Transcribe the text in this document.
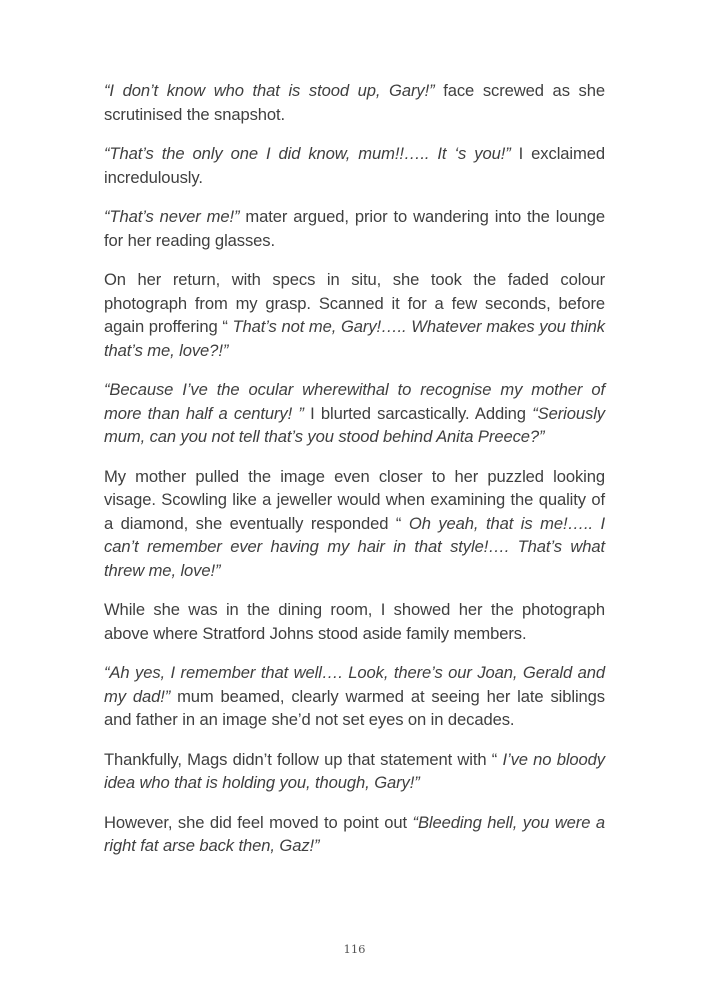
“I don’t know who that is stood up, Gary!” face screwed as she scrutinised the snapshot.

“That’s the only one I did know, mum!!….. It ‘s you!” I exclaimed incredulously.

“That’s never me!” mater argued, prior to wandering into the lounge for her reading glasses.

On her return, with specs in situ, she took the faded colour photograph from my grasp. Scanned it for a few seconds, before again proffering “ That’s not me, Gary!….. Whatever makes you think that’s me, love?!”

“Because I’ve the ocular wherewithal to recognise my mother of more than half a century! ” I blurted sarcastically. Adding “Seriously mum, can you not tell that’s you stood behind Anita Preece?”

My mother pulled the image even closer to her puzzled looking visage. Scowling like a jeweller would when examining the quality of a diamond, she eventually responded “ Oh yeah, that is me!….. I can’t remember ever having my hair in that style!…. That’s what threw me, love!”

While she was in the dining room, I showed her the photograph above where Stratford Johns stood aside family members.

“Ah yes, I remember that well…. Look, there’s our Joan, Gerald and my dad!” mum beamed, clearly warmed at seeing her late siblings and father in an image she’d not set eyes on in decades.

Thankfully, Mags didn’t follow up that statement with “ I’ve no bloody idea who that is holding you, though, Gary!”

However, she did feel moved to point out “Bleeding hell, you were a right fat arse back then, Gaz!”

116
